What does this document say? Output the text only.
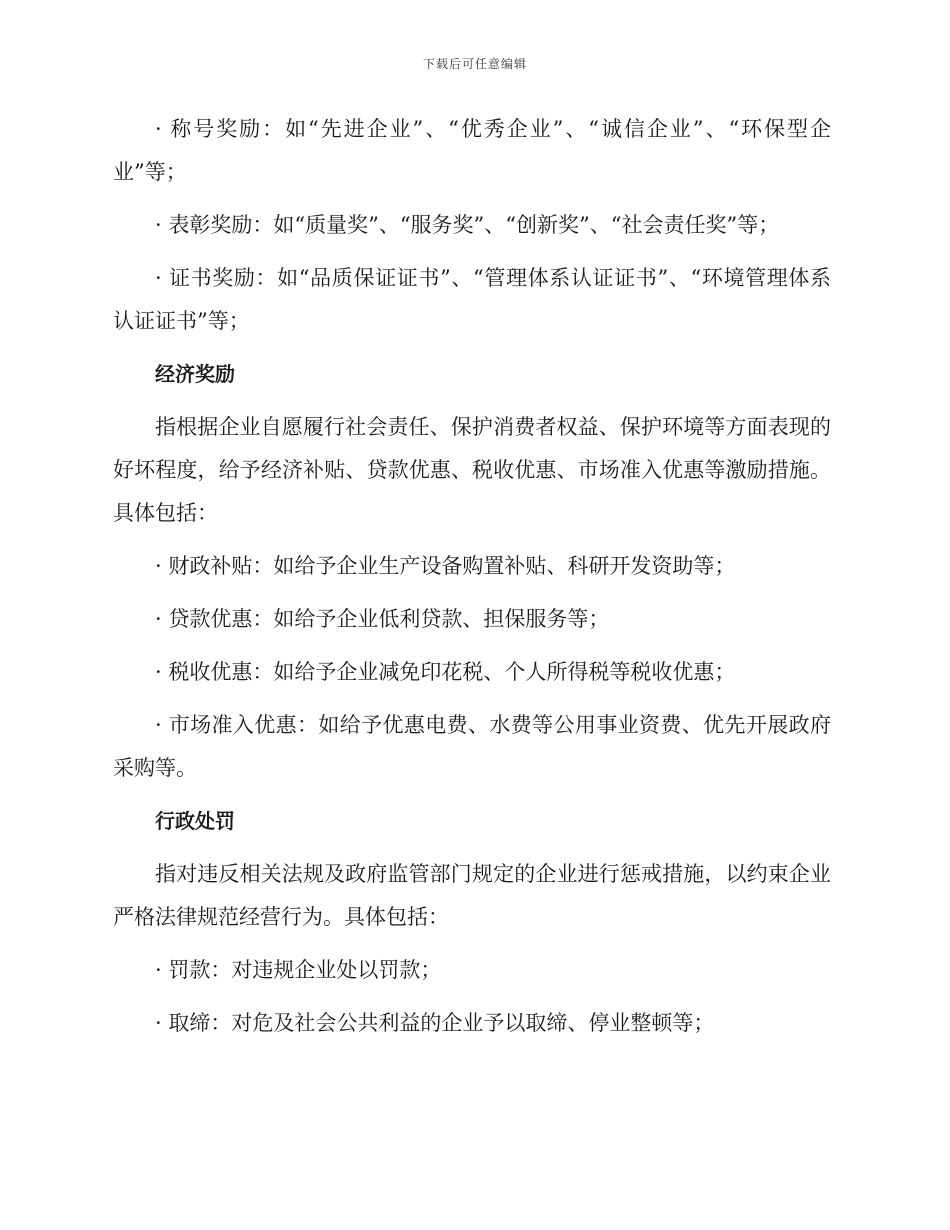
下载后可任意编辑

· 称号奖励：如“先进企业”、“优秀企业”、“诚信企业”、“环保型企业”等；

· 表彰奖励：如“质量奖”、“服务奖”、“创新奖”、“社会责任奖”等；

· 证书奖励：如“品质保证证书”、“管理体系认证证书”、“环境管理体系认证证书”等；

经济奖励

指根据企业自愿履行社会责任、保护消费者权益、保护环境等方面表现的好坏程度，给予经济补贴、贷款优惠、税收优惠、市场准入优惠等激励措施。具体包括：

· 财政补贴：如给予企业生产设备购置补贴、科研开发资助等；

· 贷款优惠：如给予企业低利贷款、担保服务等；

· 税收优惠：如给予企业减免印花税、个人所得税等税收优惠；

· 市场准入优惠：如给予优惠电费、水费等公用事业资费、优先开展政府采购等。

行政处罚

指对违反相关法规及政府监管部门规定的企业进行惩戒措施，以约束企业严格法律规范经营行为。具体包括：

· 罚款：对违规企业处以罚款；

· 取缔：对危及社会公共利益的企业予以取缔、停业整顿等；
